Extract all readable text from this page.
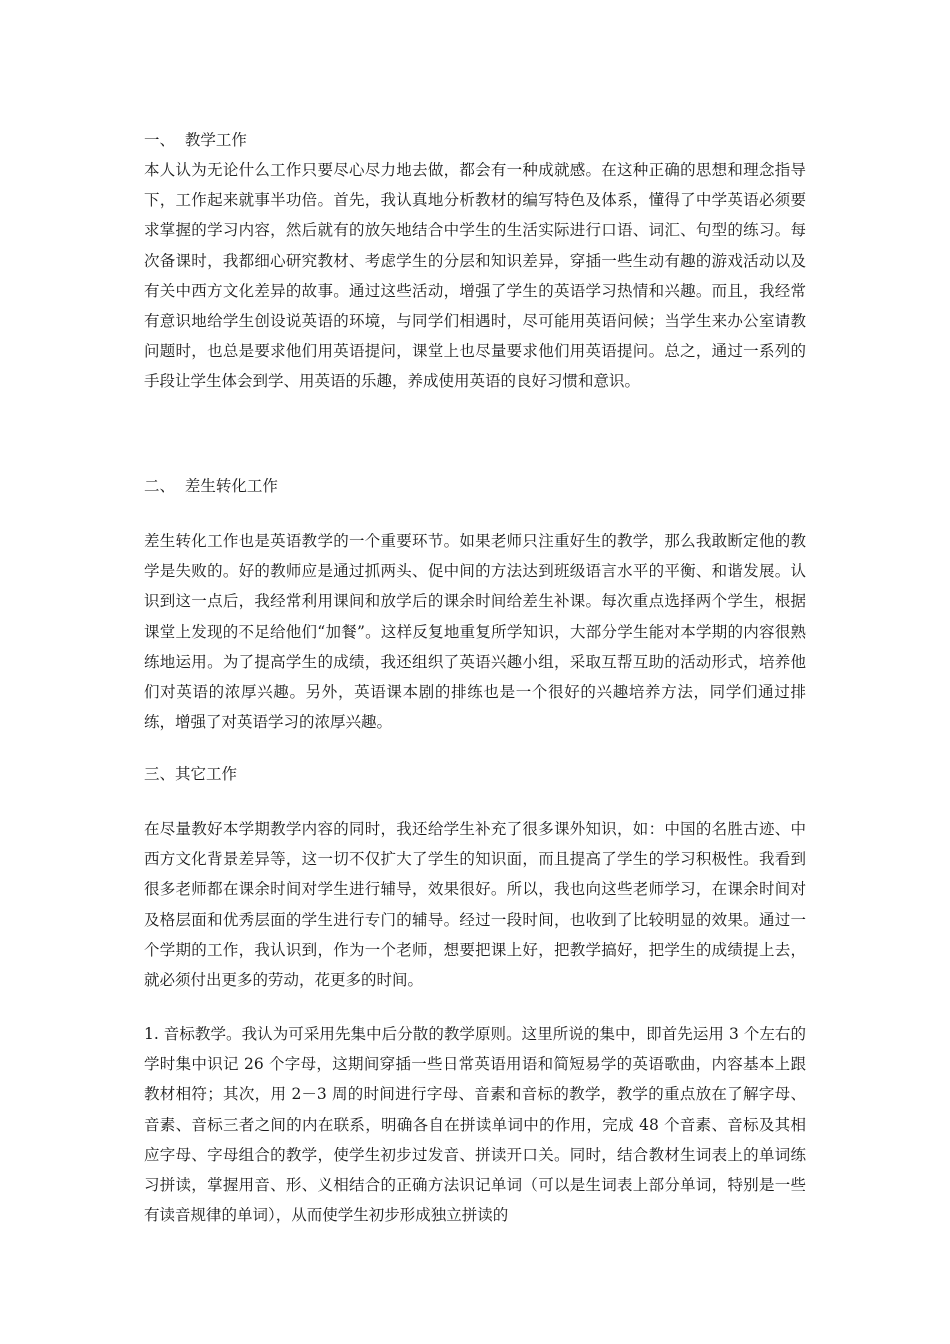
一、  教学工作
本人认为无论什么工作只要尽心尽力地去做，都会有一种成就感。在这种正确的思想和理念指导下，工作起来就事半功倍。首先，我认真地分析教材的编写特色及体系，懂得了中学英语必须要求掌握的学习内容，然后就有的放矢地结合中学生的生活实际进行口语、词汇、句型的练习。每次备课时，我都细心研究教材、考虑学生的分层和知识差异，穿插一些生动有趣的游戏活动以及有关中西方文化差异的故事。通过这些活动，增强了学生的英语学习热情和兴趣。而且，我经常有意识地给学生创设说英语的环境，与同学们相遇时，尽可能用英语问候；当学生来办公室请教问题时，也总是要求他们用英语提问，课堂上也尽量要求他们用英语提问。总之，通过一系列的手段让学生体会到学、用英语的乐趣，养成使用英语的良好习惯和意识。
二、  差生转化工作
差生转化工作也是英语教学的一个重要环节。如果老师只注重好生的教学，那么我敢断定他的教学是失败的。好的教师应是通过抓两头、促中间的方法达到班级语言水平的平衡、和谐发展。认识到这一点后，我经常利用课间和放学后的课余时间给差生补课。每次重点选择两个学生，根据课堂上发现的不足给他们“加餐”。这样反复地重复所学知识，大部分学生能对本学期的内容很熟练地运用。为了提高学生的成绩，我还组织了英语兴趣小组，采取互帮互助的活动形式，培养他们对英语的浓厚兴趣。另外，英语课本剧的排练也是一个很好的兴趣培养方法，同学们通过排练，增强了对英语学习的浓厚兴趣。
三、其它工作
在尽量教好本学期教学内容的同时，我还给学生补充了很多课外知识，如：中国的名胜古迹、中西方文化背景差异等，这一切不仅扩大了学生的知识面，而且提高了学生的学习积极性。我看到很多老师都在课余时间对学生进行辅导，效果很好。所以，我也向这些老师学习，在课余时间对及格层面和优秀层面的学生进行专门的辅导。经过一段时间，也收到了比较明显的效果。通过一个学期的工作，我认识到，作为一个老师，想要把课上好，把教学搞好，把学生的成绩提上去，就必须付出更多的劳动，花更多的时间。
1. 音标教学。我认为可采用先集中后分散的教学原则。这里所说的集中，即首先运用 3 个左右的学时集中识记 26 个字母，这期间穿插一些日常英语用语和简短易学的英语歌曲，内容基本上跟教材相符；其次，用 2－3 周的时间进行字母、音素和音标的教学，教学的重点放在了解字母、音素、音标三者之间的内在联系，明确各自在拼读单词中的作用，完成 48 个音素、音标及其相应字母、字母组合的教学，使学生初步过发音、拼读开口关。同时，结合教材生词表上的单词练习拼读，掌握用音、形、义相结合的正确方法识记单词（可以是生词表上部分单词，特别是一些有读音规律的单词），从而使学生初步形成独立拼读的
